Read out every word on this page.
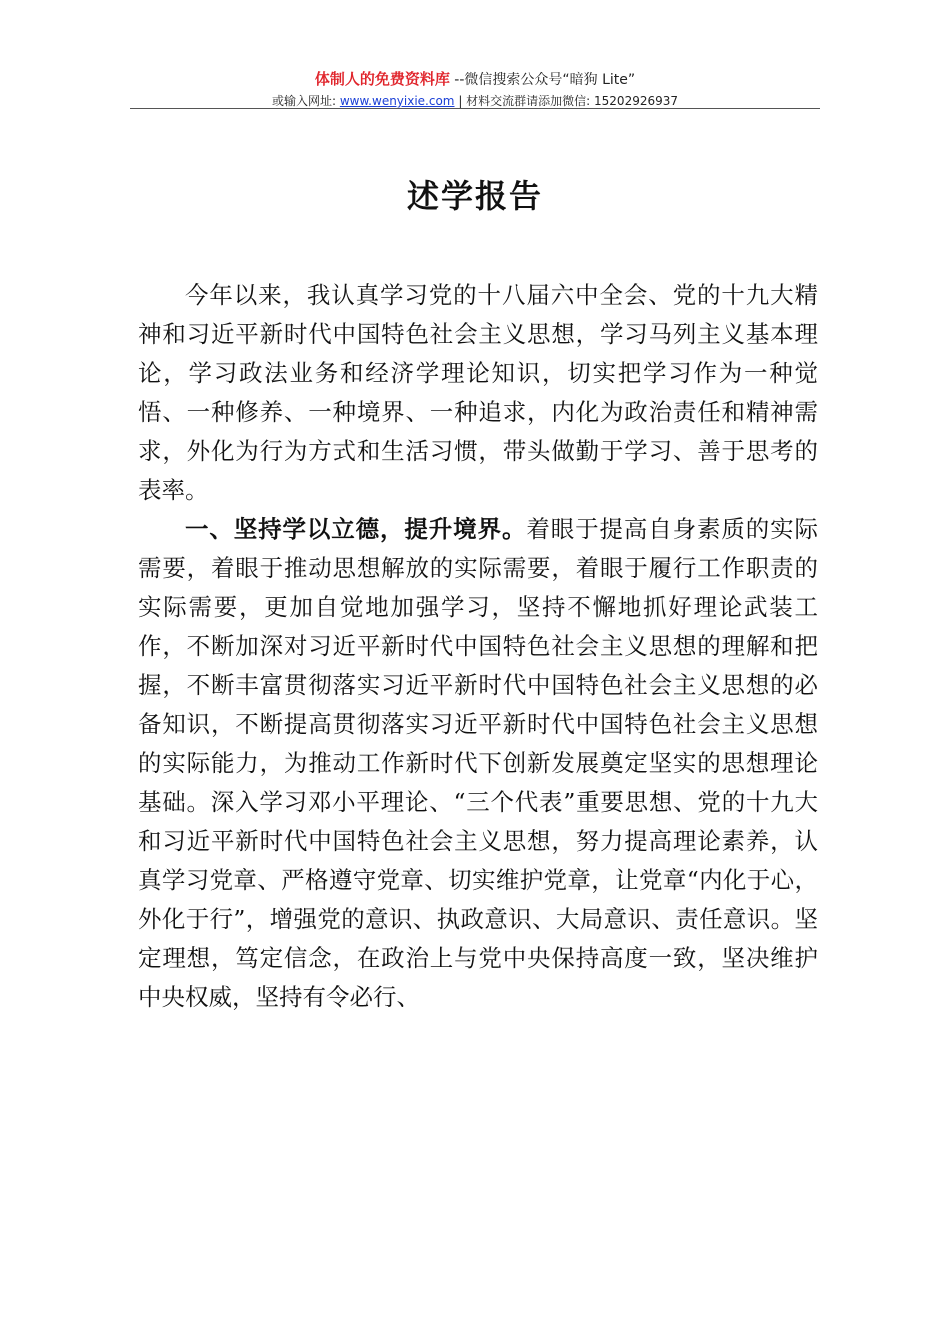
体制人的免费资料库 --微信搜索公众号“暗狗 Lite”
或输入网址: www.wenyixie.com | 材料交流群请添加微信: 15202926937
述学报告

今年以来，我认真学习党的十八届六中全会、党的十九大精神和习近平新时代中国特色社会主义思想，学习马列主义基本理论，学习政法业务和经济学理论知识，切实把学习作为一种觉悟、一种修养、一种境界、一种追求，内化为政治责任和精神需求，外化为行为方式和生活习惯，带头做勤于学习、善于思考的表率。

一、坚持学以立德，提升境界。着眼于提高自身素质的实际需要，着眼于推动思想解放的实际需要，着眼于履行工作职责的实际需要，更加自觉地加强学习，坚持不懈地抓好理论武装工作，不断加深对习近平新时代中国特色社会主义思想的理解和把握，不断丰富贯彻落实习近平新时代中国特色社会主义思想的必备知识，不断提高贯彻落实习近平新时代中国特色社会主义思想的实际能力，为推动工作新时代下创新发展奠定坚实的思想理论基础。深入学习邓小平理论、“三个代表”重要思想、党的十九大和习近平新时代中国特色社会主义思想，努力提高理论素养，认真学习党章、严格遵守党章、切实维护党章，让党章“内化于心，外化于行”，增强党的意识、执政意识、大局意识、责任意识。坚定理想，笃定信念，在政治上与党中央保持高度一致，坚决维护中央权威，坚持有令必行、
